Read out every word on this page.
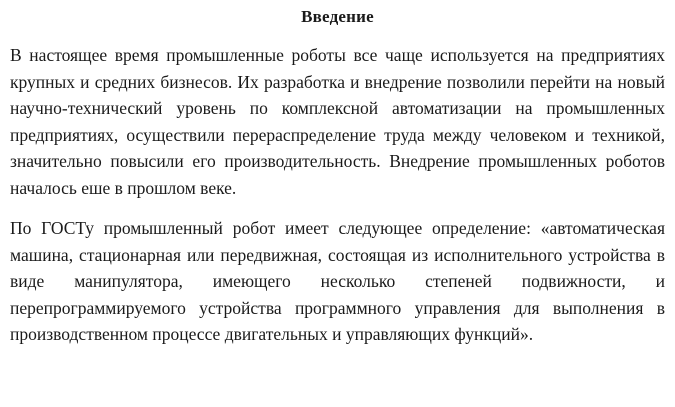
Введение

В настоящее время промышленные роботы все чаще используется на предприятиях крупных и средних бизнесов. Их разработка и внедрение позволили перейти на новый научно-технический уровень по комплексной автоматизации на промышленных предприятиях, осуществили перераспределение труда между человеком и техникой, значительно повысили его производительность. Внедрение промышленных роботов началось еше в прошлом веке.

По ГОСТу промышленный робот имеет следующее определение: «автоматическая машина, стационарная или передвижная, состоящая из исполнительного устройства в виде манипулятора, имеющего несколько степеней подвижности, и перепрограммируемого устройства программного управления для выполнения в производственном процессе двигательных и управляющих функций».
